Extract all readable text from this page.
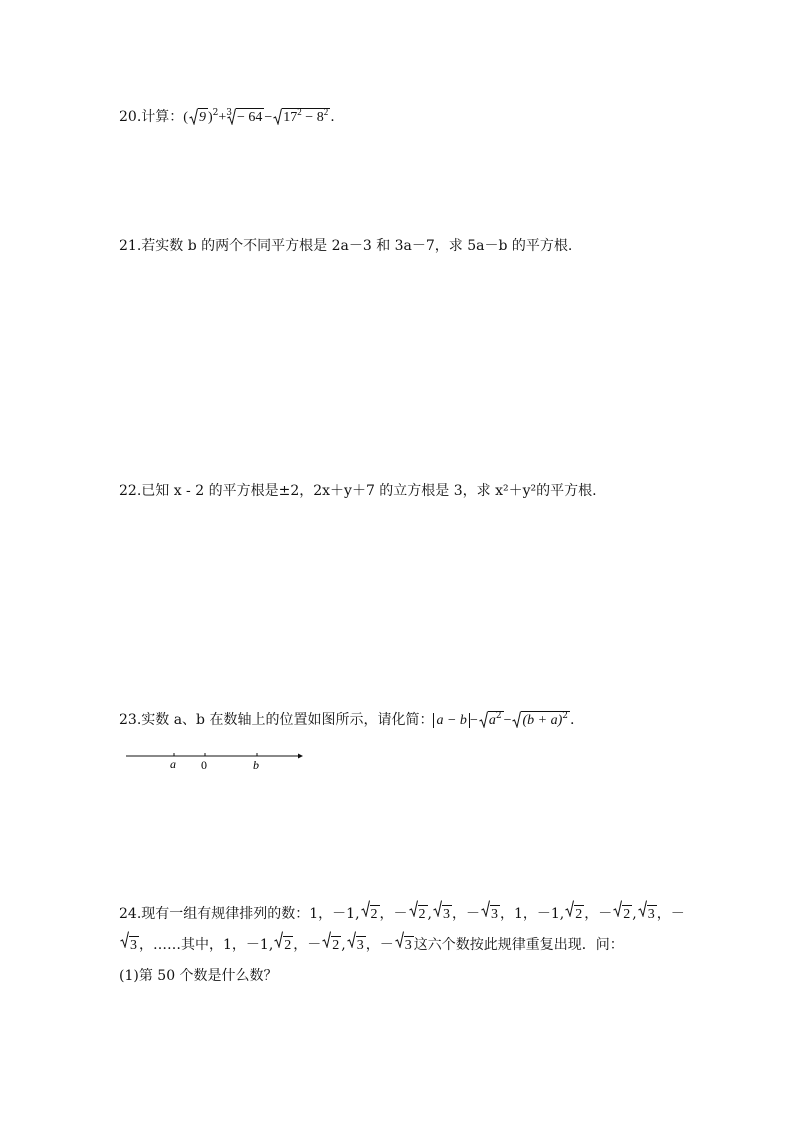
20.计算：( 9 )$^2+^3 - 64 - 17^2 - 8^2$ .
21.若实数 b 的两个不同平方根是 2a－3 和 3a－7，求 5a－b 的平方根.
22.已知 x - 2 的平方根是±2，2x＋y＋7 的立方根是 3，求 x²＋y²的平方根.
23.实数 a、b 在数轴上的位置如图所示，请化简： $a - b - a^2 - (b + a)^2$ .
a 0	b
24.现有一组有规律排列的数：1，－1, 2 ，－ 2 , 3 ，－ 3 ，1，－1, 2 ，－ 2 , 3 ，－
3 ，……其中，1，－1, 2 ，－ 2 , 3 ，－ 3 这六个数按此规律重复出现．问：
(1)第 50 个数是什么数？
